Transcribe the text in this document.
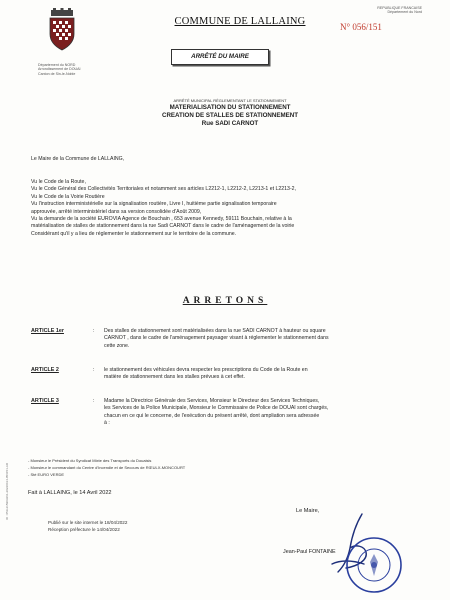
COMMUNE DE LALLAING
REPUBLIQUE FRANCAISE
Département du Nord
N° 056/151
Département du NORD
Arrondissement de DOUAI
Canton de Sin-le-Noble
ARRÊTÉ DU MAIRE
ARRÊTÉ MUNICIPAL RÈGLEMENTANT LE STATIONNEMENT
MATERIALISATION DU STATIONNEMENT
CREATION DE STALLES DE STATIONNEMENT
Rue SADI CARNOT
Le Maire de la Commune de LALLAING,
Vu le Code de la Route,
Vu le Code Général des Collectivités Territoriales et notamment ses articles L2212-1, L2212-2, L2213-1 et L2213-2,
Vu le Code de la Voirie Routière
Vu l'instruction interministérielle sur la signalisation routière, Livre I, huitième partie signalisation temporaire
approuvée, arrêté interministériel dans sa version consolidée d'Août 2009,
Vu la demande de la société EUROVIA Agence de Bouchain , 653 avenue Kennedy, 59111 Bouchain, relative à la
matérialisation de stalles de stationnement dans la rue Sadi CARNOT dans le cadre de l'aménagement de la voirie
Considérant qu'il y a lieu de réglementer le stationnement sur le territoire de la commune.
ARRETONS
ARTICLE 1er	: Des stalles de stationnement sont matérialisées dans la rue SADI CARNOT à hauteur ou square
CARNOT , dans le cadre de l'aménagement paysager visant à réglementer le stationnement dans
cette zone.
ARTICLE 2	: le stationnement des véhicules devra respecter les prescriptions du Code de la Route en
matière de stationnement dans les stalles prévues à cet effet.
ARTICLE 3	: Madame la Directrice Générale des Services, Monsieur le Directeur des Services Techniques,
les Services de la Police Municipale, Monsieur le Commissaire de Police de DOUAI sont chargés,
chacun en ce qui le concerne, de l'exécution du présent arrêté, dont ampliation sera adressée
à :
- Monsieur le Président du Syndicat Mixte des Transports du Douaisis
- Monsieur le commandant du Centre d'Incendie et de Secours de RŒULX-MONCOURT
- Sté EURO VERDE
Fait à LALLAING, le 14 Avril 2022
Publié sur le site internet le 18/04/2022
Réception préfecture le 14/04/2022
Le Maire,
Jean-Paul FONTAINE
ID : 059-215903261-20220414-056151-AR
